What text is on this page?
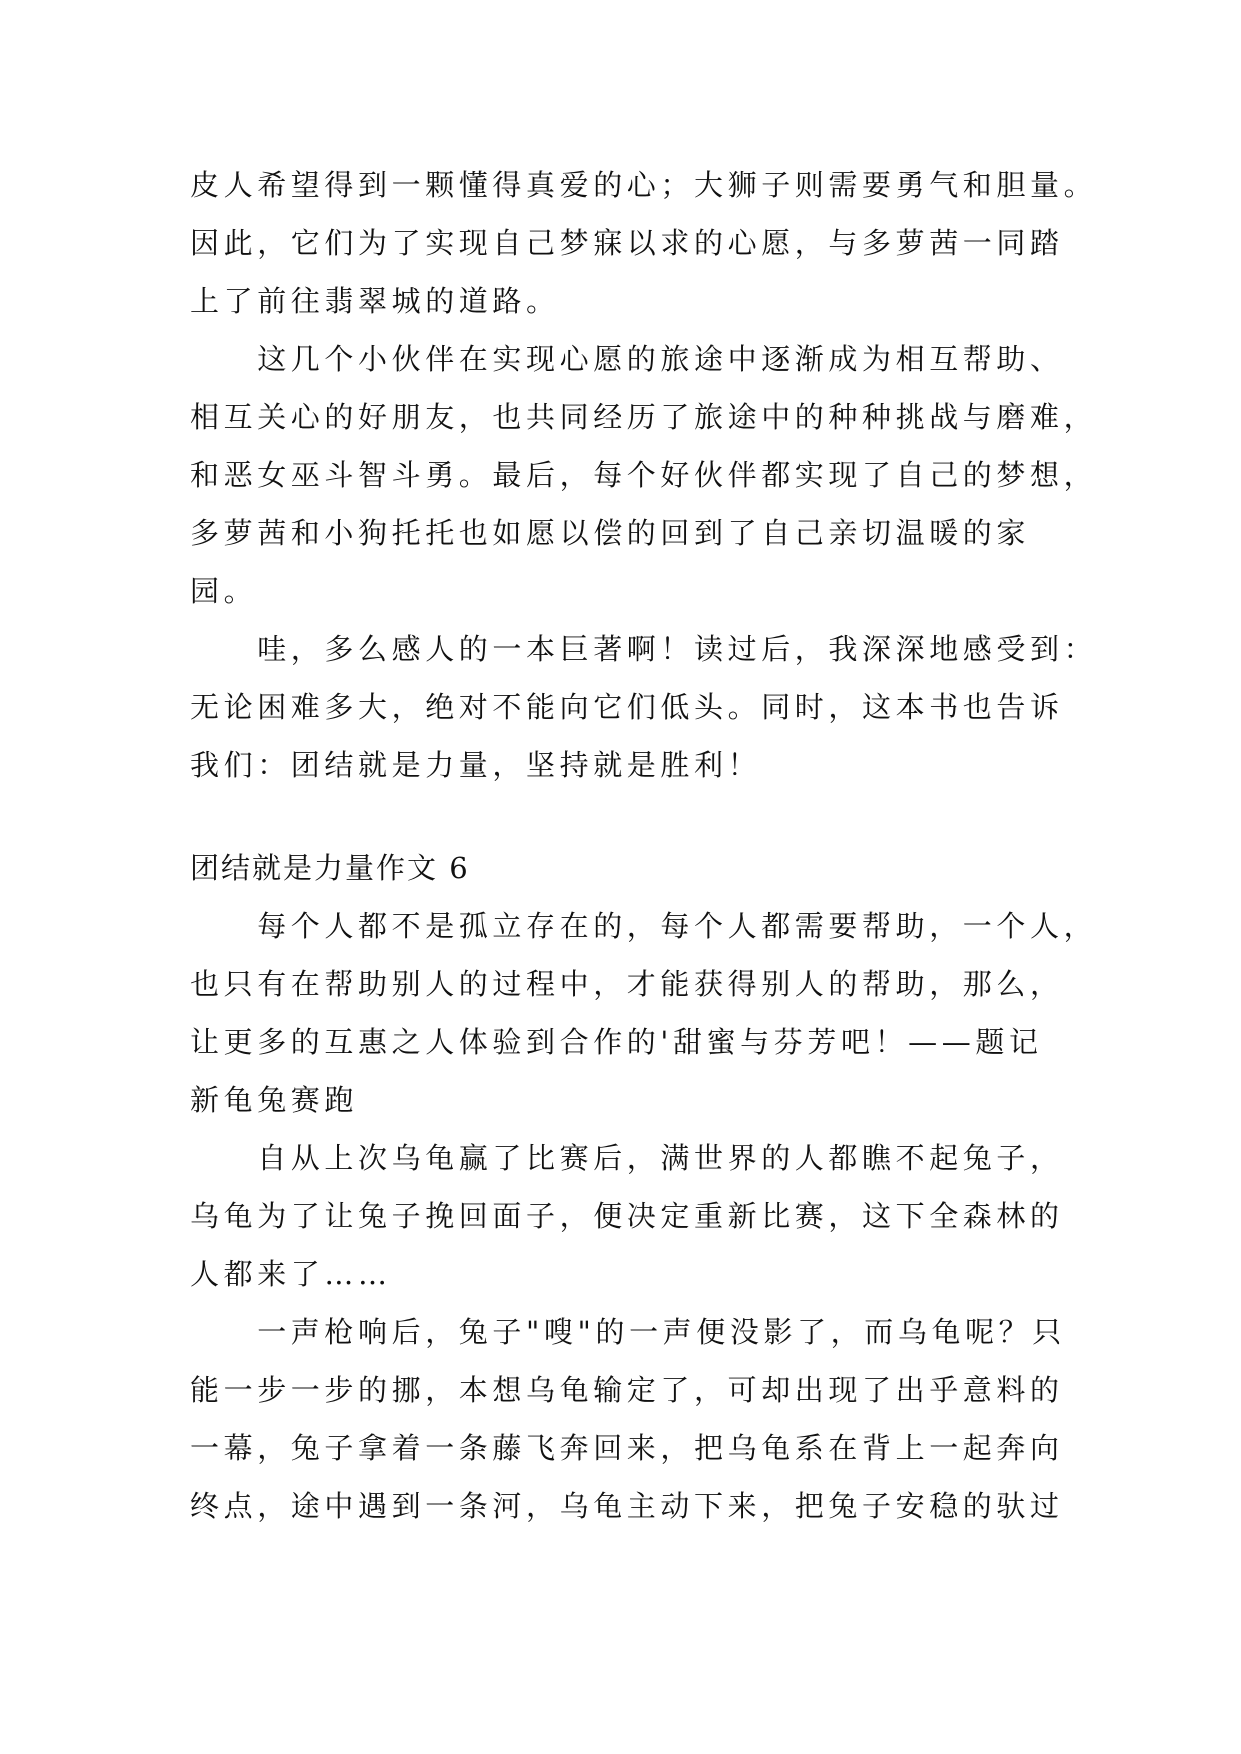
皮人希望得到一颗懂得真爱的心；大狮子则需要勇气和胆量。
因此，它们为了实现自己梦寐以求的心愿，与多萝茜一同踏
上了前往翡翠城的道路。
　　这几个小伙伴在实现心愿的旅途中逐渐成为相互帮助、
相互关心的好朋友，也共同经历了旅途中的种种挑战与磨难，
和恶女巫斗智斗勇。最后，每个好伙伴都实现了自己的梦想，
多萝茜和小狗托托也如愿以偿的回到了自己亲切温暖的家
园。
　　哇，多么感人的一本巨著啊！读过后，我深深地感受到：
无论困难多大，绝对不能向它们低头。同时，这本书也告诉
我们：团结就是力量，坚持就是胜利！
团结就是力量作文 6
　　每个人都不是孤立存在的，每个人都需要帮助，一个人，
也只有在帮助别人的过程中，才能获得别人的帮助，那么，
让更多的互惠之人体验到合作的'甜蜜与芬芳吧！——题记
新龟兔赛跑
　　自从上次乌龟赢了比赛后，满世界的人都瞧不起兔子，
乌龟为了让兔子挽回面子，便决定重新比赛，这下全森林的
人都来了……
　　一声枪响后，兔子"嗖"的一声便没影了，而乌龟呢？只
能一步一步的挪，本想乌龟输定了，可却出现了出乎意料的
一幕，兔子拿着一条藤飞奔回来，把乌龟系在背上一起奔向
终点，途中遇到一条河，乌龟主动下来，把兔子安稳的驮过
